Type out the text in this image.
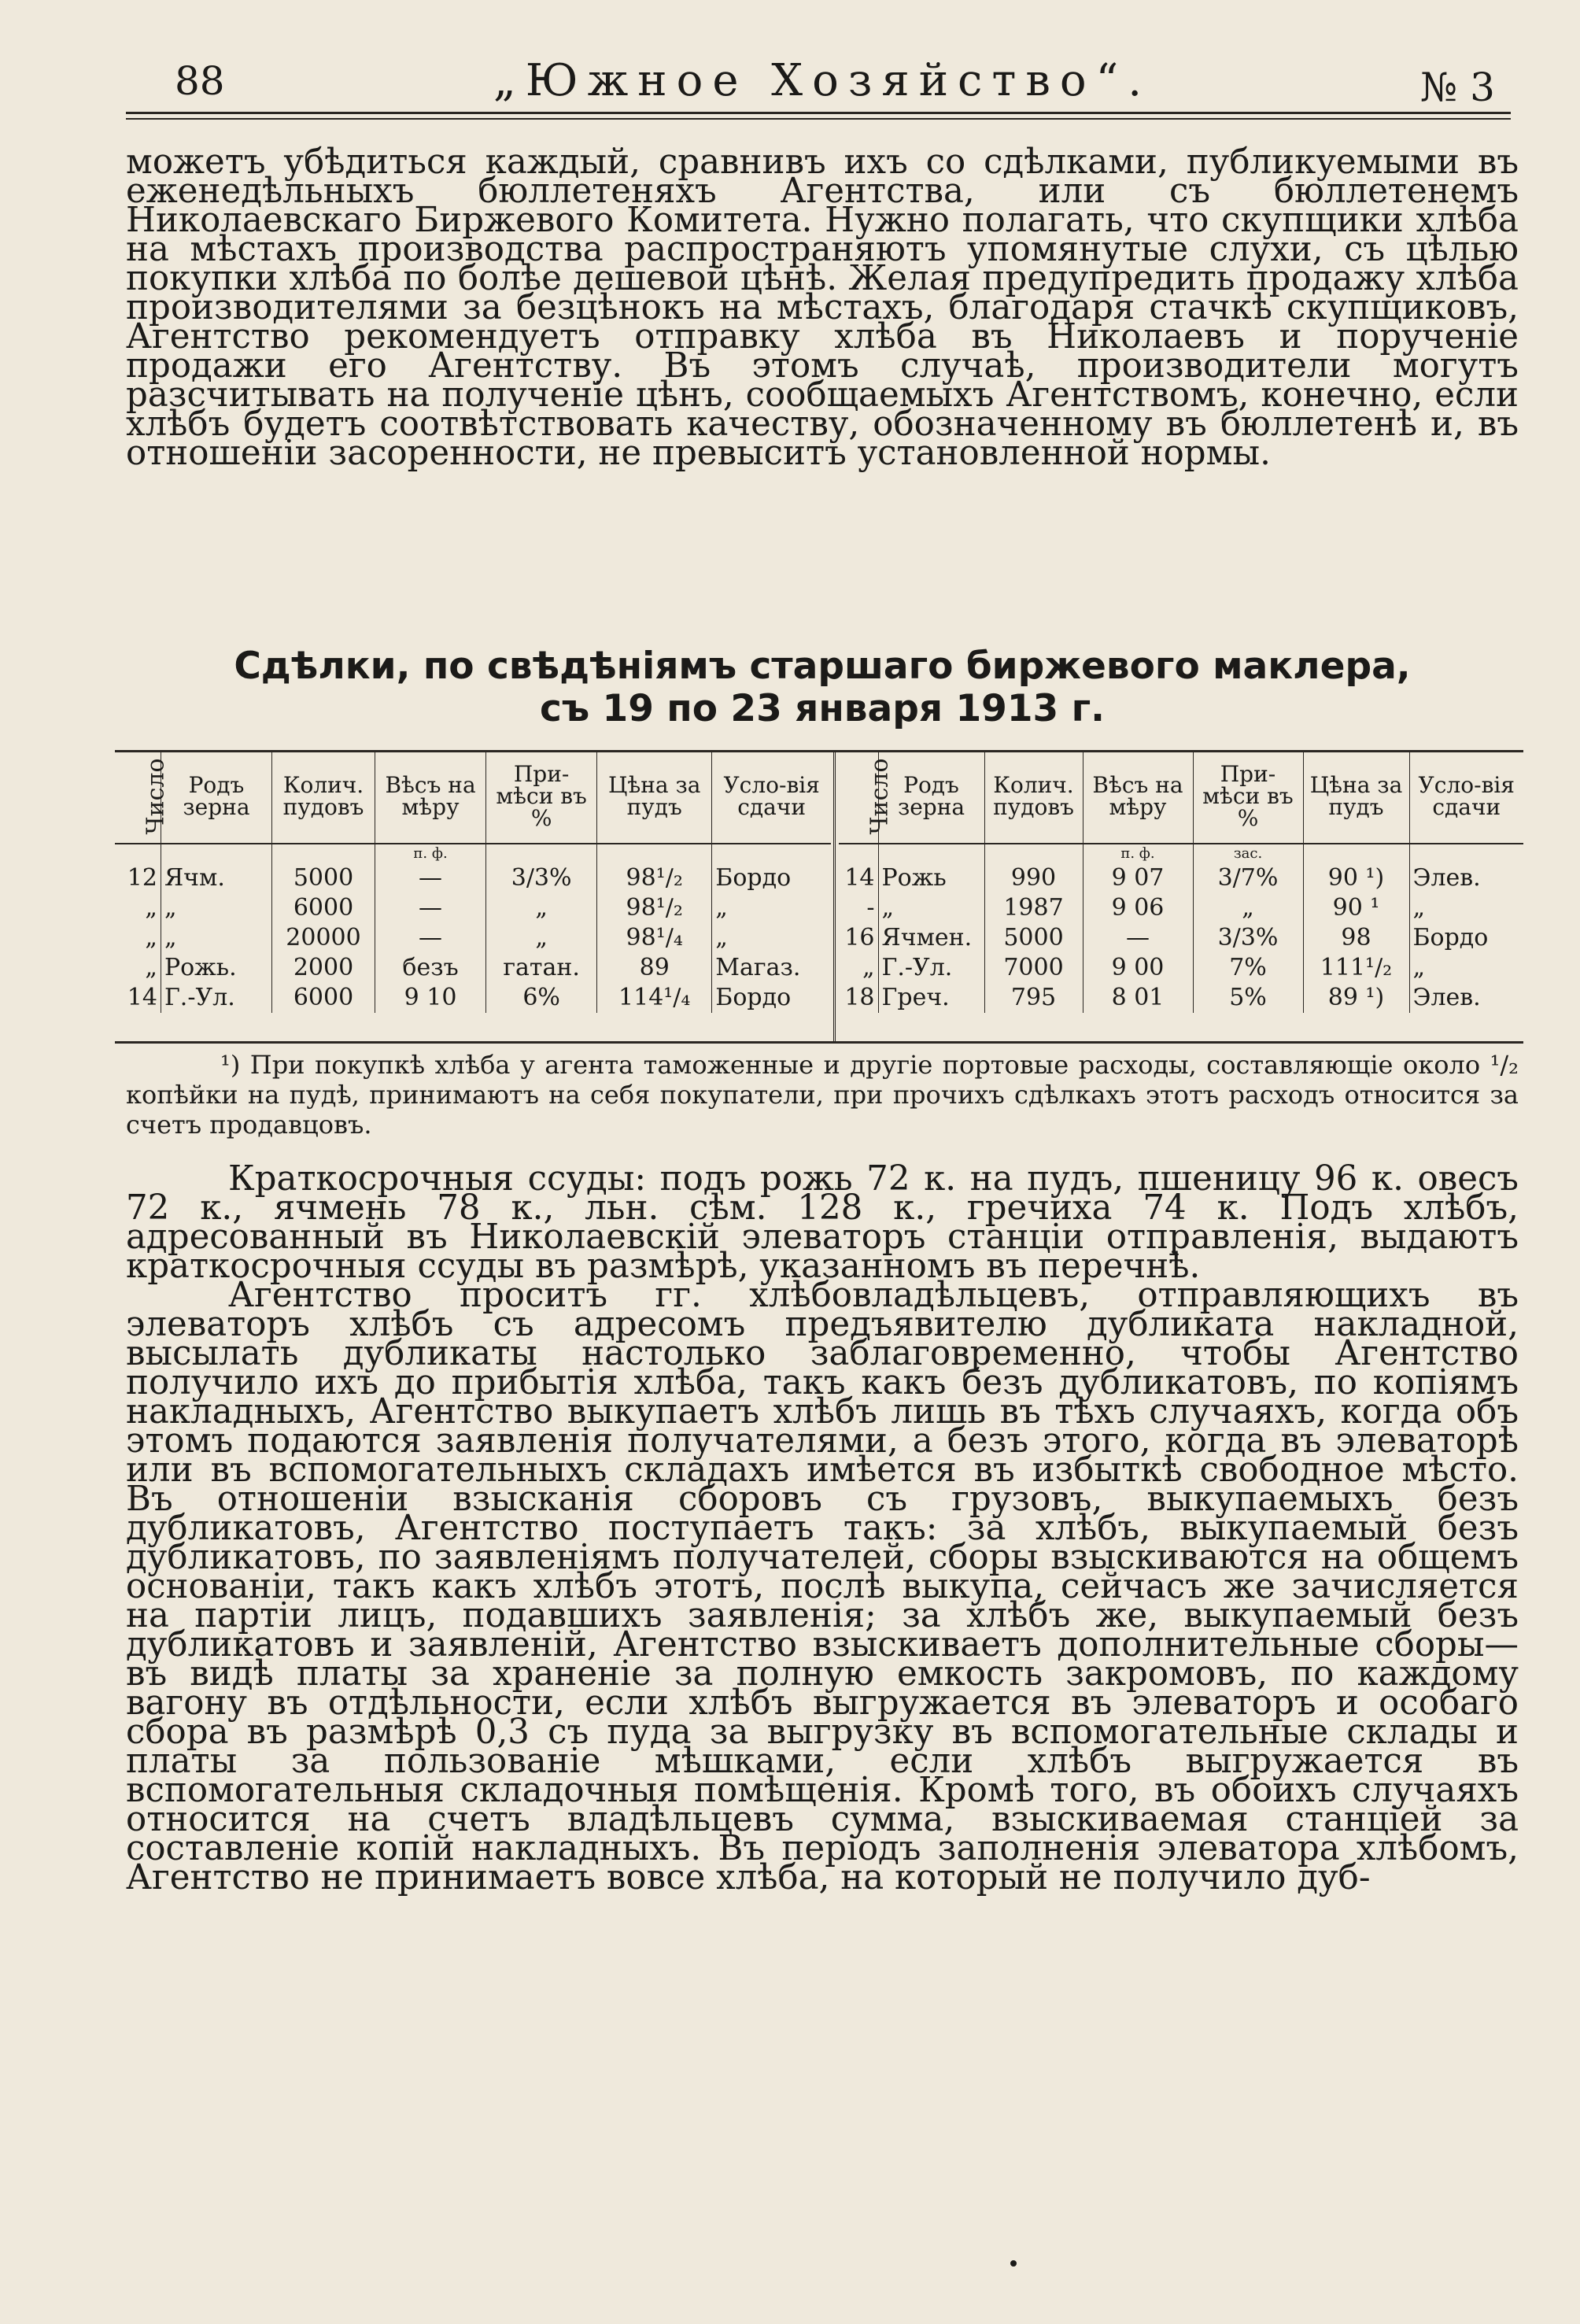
88	„Южное Хозяйство“.	№ 3

можетъ убѣдиться каждый, сравнивъ ихъ со сдѣлками, публикуемыми въ еженедѣльныхъ бюллетеняхъ Агентства, или съ бюллетенемъ Николаевскаго Биржевого Комитета. Нужно полагать, что скупщики хлѣба на мѣстахъ производства распространяютъ упомянутые слухи, съ цѣлью покупки хлѣба по болѣе дешевой цѣнѣ. Желая предупредить продажу хлѣба производителями за безцѣнокъ на мѣстахъ, благодаря стачкѣ скупщиковъ, Агентство рекомендуетъ отправку хлѣба въ Николаевъ и порученіе продажи его Агентству. Въ этомъ случаѣ, производители могутъ разсчитывать на полученіе цѣнъ, сообщаемыхъ Агентствомъ, конечно, если хлѣбъ будетъ соотвѣтствовать качеству, обозначенному въ бюллетенѣ и, въ отношеніи засоренности, не превыситъ установленной нормы.

Сдѣлки, по свѣдѣніямъ старшаго биржевого маклера,
съ 19 по 23 января 1913 г.
Число	Родъ зерна	Колич. пудовъ	Вѣсъ на мѣру	При-мѣси въ %	Цѣна за пудъ	Усло-вія сдачи
			п. ф.			
12	Ячм.	5000	—	3/3%	98¹/₂	Бордо
„	„	6000	—	„	98¹/₂	„
„	„	20000	—	„	98¹/₄	„
„	Рожь.	2000	безъ	гатан.	89	Магаз.
14	Г.-Ул.	6000	9 10	6%	114¹/₄	Бордо
Число	Родъ зерна	Колич. пудовъ	Вѣсъ на мѣру	При-мѣси въ %	Цѣна за пудъ	Усло-вія сдачи
			п. ф.	зас.		
14	Рожь	990	9 07	3/7%	90 ¹)	Элев.
-	„	1987	9 06	„	90 ¹	„
16	Ячмен.	5000	—	3/3%	98	Бордо
„	Г.-Ул.	7000	9 00	7%	111¹/₂	„
18	Греч.	795	8 01	5%	89 ¹)	Элев.

¹) При покупкѣ хлѣба у агента таможенные и другіе портовые расходы, составляющіе около ¹/₂ копѣйки на пудѣ, принимаютъ на себя покупатели, при прочихъ сдѣлкахъ этотъ расходъ относится за счетъ продавцовъ.

Краткосрочныя ссуды: подъ рожь 72 к. на пудъ, пшеницу 96 к. овесъ 72 к., ячмень 78 к., льн. сѣм. 128 к., гречиха 74 к. Подъ хлѣбъ, адресованный въ Николаевскій элеваторъ станціи отправленія, выдаютъ краткосрочныя ссуды въ размѣрѣ, указанномъ въ перечнѣ.

Агентство проситъ гг. хлѣбовладѣльцевъ, отправляющихъ въ элеваторъ хлѣбъ съ адресомъ предъявителю дубликата накладной, высылать дубликаты настолько заблаговременно, чтобы Агентство получило ихъ до прибытія хлѣба, такъ какъ безъ дубликатовъ, по копіямъ накладныхъ, Агентство выкупаетъ хлѣбъ лишь въ тѣхъ случаяхъ, когда объ этомъ подаются заявленія получателями, а безъ этого, когда въ элеваторѣ или въ вспомогательныхъ складахъ имѣется въ избыткѣ свободное мѣсто. Въ отношеніи взысканія сборовъ съ грузовъ, выкупаемыхъ безъ дубликатовъ, Агентство поступаетъ такъ: за хлѣбъ, выкупаемый безъ дубликатовъ, по заявленіямъ получателей, сборы взыскиваются на общемъ основаніи, такъ какъ хлѣбъ этотъ, послѣ выкупа, сейчасъ же зачисляется на партіи лицъ, подавшихъ заявленія; за хлѣбъ же, выкупаемый безъ дубликатовъ и заявленій, Агентство взыскиваетъ дополнительные сборы—въ видѣ платы за храненіе за полную емкость закромовъ, по каждому вагону въ отдѣльности, если хлѣбъ выгружается въ элеваторъ и особаго сбора въ размѣрѣ 0,3 съ пуда за выгрузку въ вспомогательные склады и платы за пользованіе мѣшками, если хлѣбъ выгружается въ вспомогательныя складочныя помѣщенія. Кромѣ того, въ обоихъ случаяхъ относится на счетъ владѣльцевъ сумма, взыскиваемая станціей за составленіе копій накладныхъ. Въ періодъ заполненія элеватора хлѣбомъ, Агентство не принимаетъ вовсе хлѣба, на который не получило дуб-
